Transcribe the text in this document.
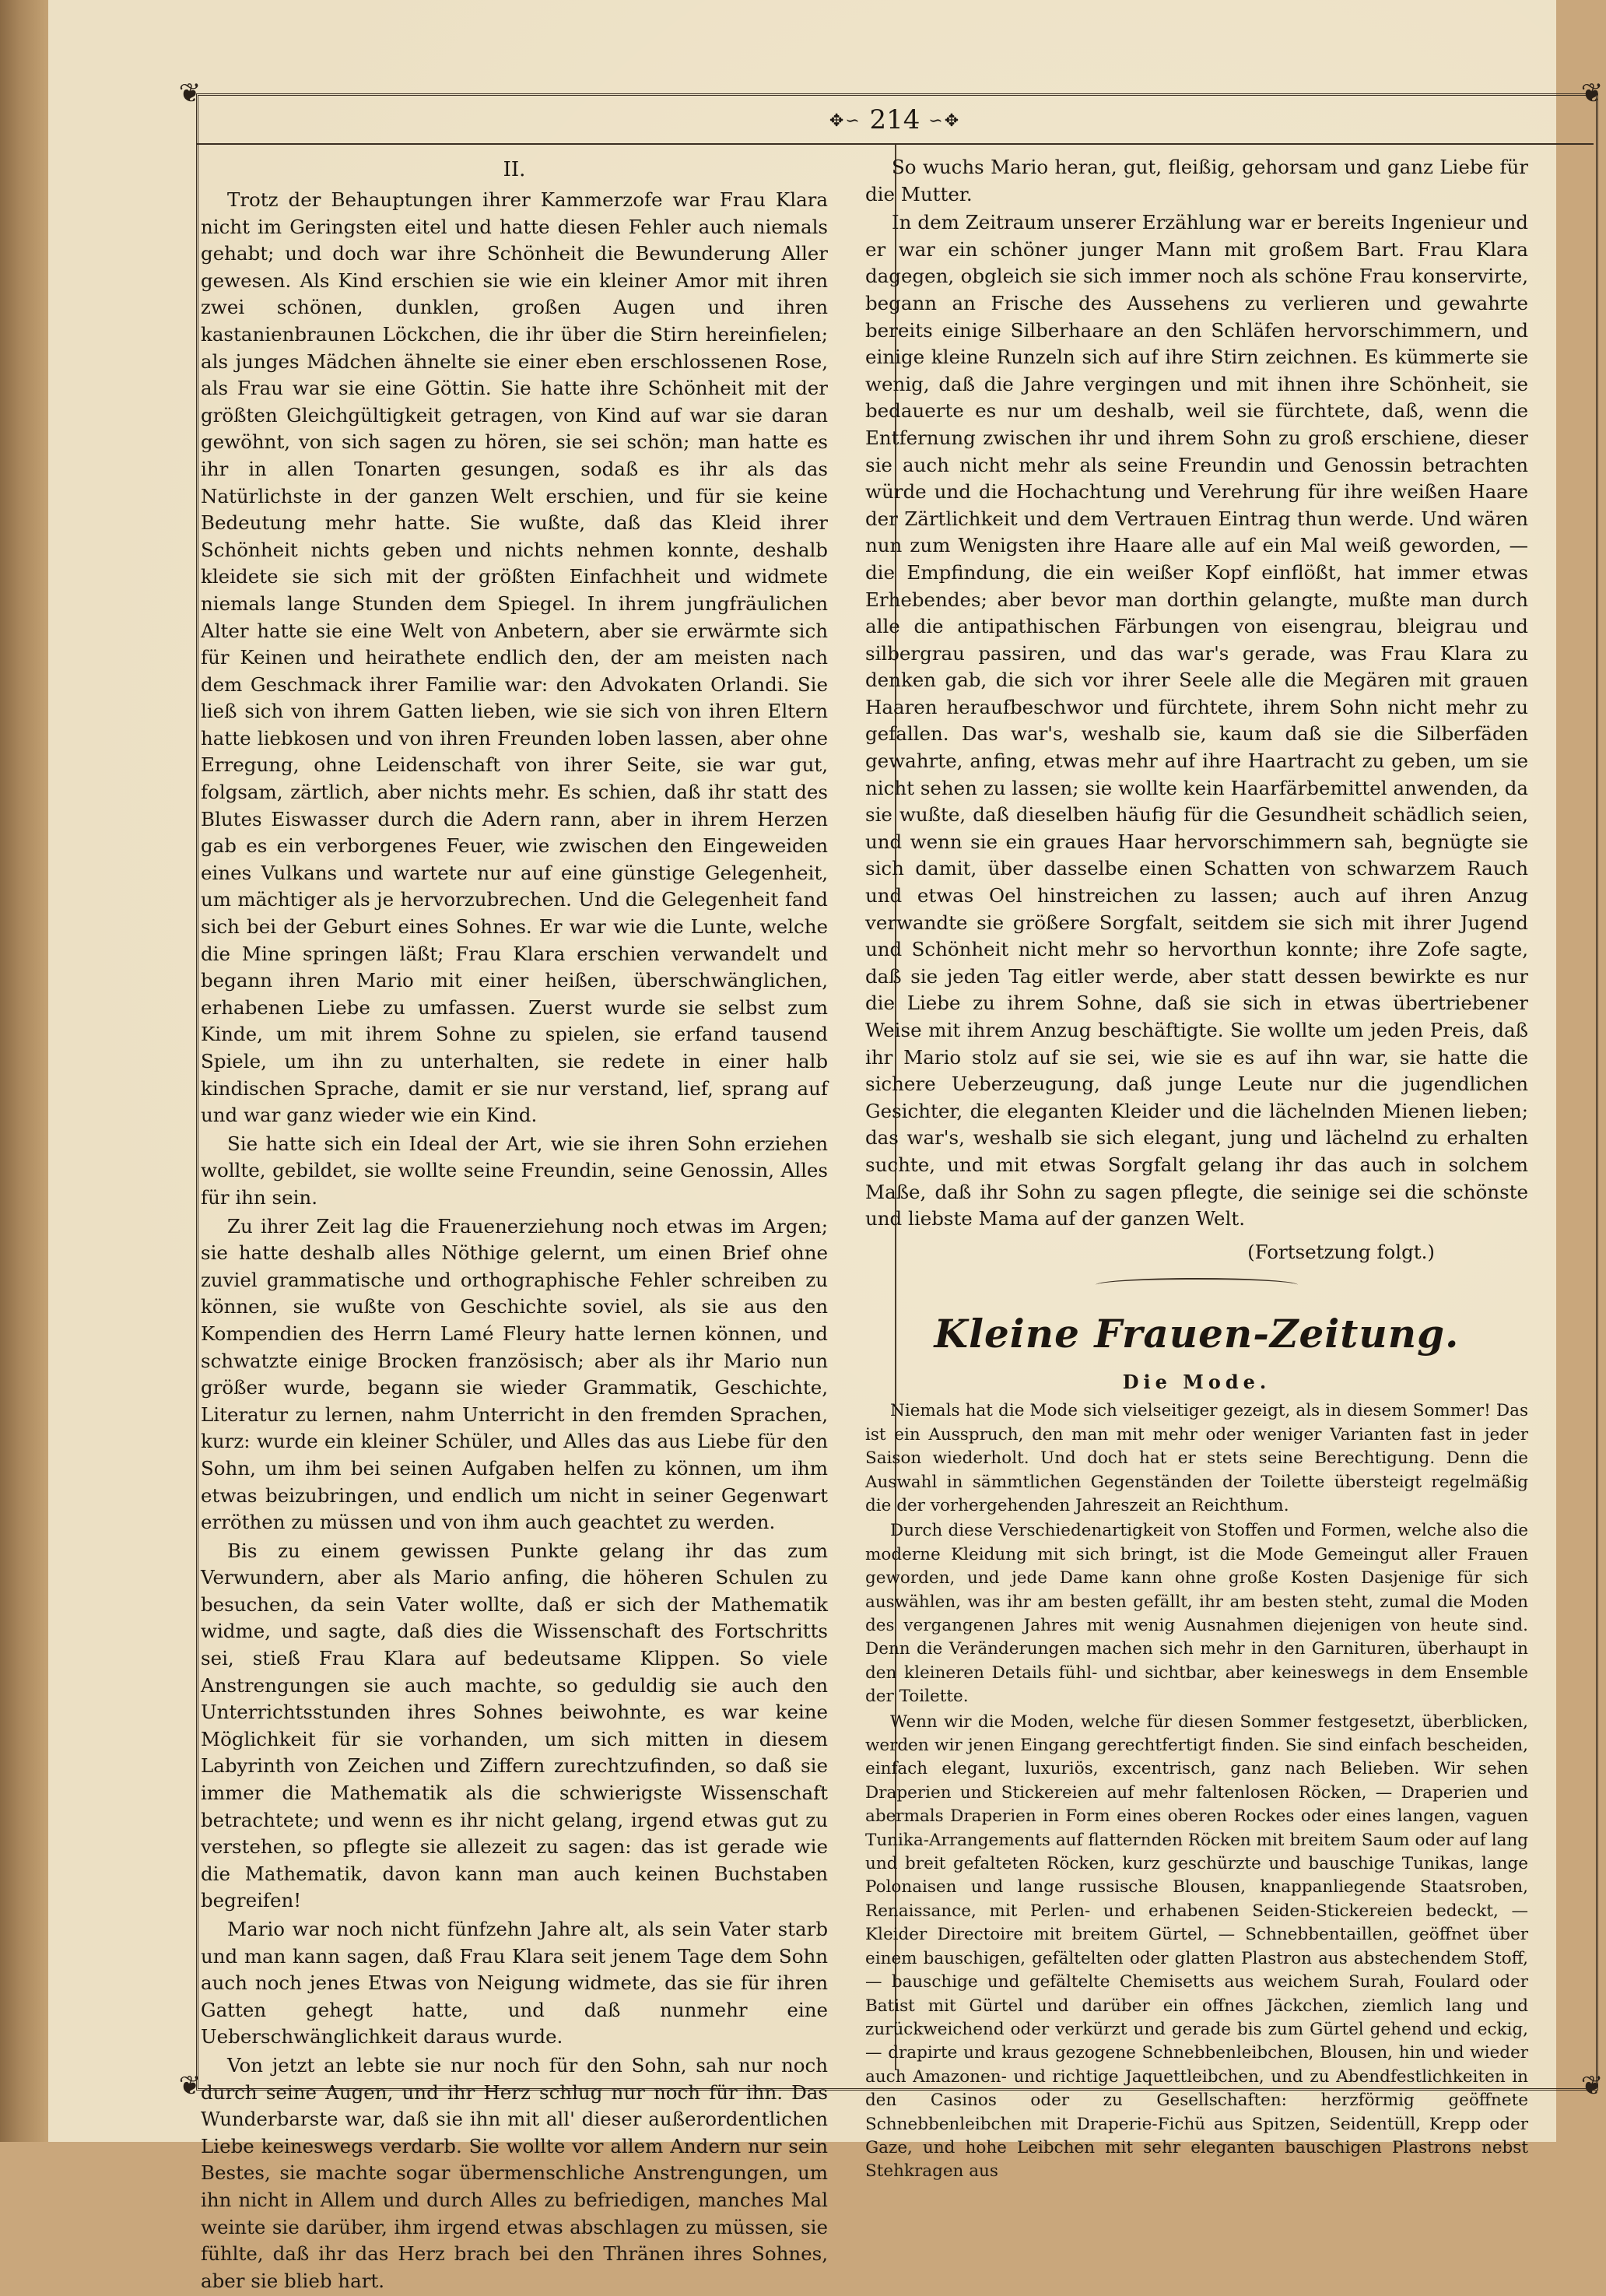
❦	❦
❦	❦
✥∽ 214 ∽✥

II.

Trotz der Behauptungen ihrer Kammerzofe war Frau Klara nicht im Geringsten eitel und hatte diesen Fehler auch niemals gehabt; und doch war ihre Schönheit die Bewunderung Aller gewesen. Als Kind erschien sie wie ein kleiner Amor mit ihren zwei schönen, dunklen, großen Augen und ihren kastanienbraunen Löckchen, die ihr über die Stirn hereinfielen; als junges Mädchen ähnelte sie einer eben erschlossenen Rose, als Frau war sie eine Göttin. Sie hatte ihre Schönheit mit der größten Gleichgültigkeit getragen, von Kind auf war sie daran gewöhnt, von sich sagen zu hören, sie sei schön; man hatte es ihr in allen Tonarten gesungen, sodaß es ihr als das Natürlichste in der ganzen Welt erschien, und für sie keine Bedeutung mehr hatte. Sie wußte, daß das Kleid ihrer Schönheit nichts geben und nichts nehmen konnte, deshalb kleidete sie sich mit der größten Einfachheit und widmete niemals lange Stunden dem Spiegel. In ihrem jungfräulichen Alter hatte sie eine Welt von Anbetern, aber sie erwärmte sich für Keinen und heirathete endlich den, der am meisten nach dem Geschmack ihrer Familie war: den Advokaten Orlandi. Sie ließ sich von ihrem Gatten lieben, wie sie sich von ihren Eltern hatte liebkosen und von ihren Freunden loben lassen, aber ohne Erregung, ohne Leidenschaft von ihrer Seite, sie war gut, folgsam, zärtlich, aber nichts mehr. Es schien, daß ihr statt des Blutes Eiswasser durch die Adern rann, aber in ihrem Herzen gab es ein verborgenes Feuer, wie zwischen den Eingeweiden eines Vulkans und wartete nur auf eine günstige Gelegenheit, um mächtiger als je hervorzubrechen. Und die Gelegenheit fand sich bei der Geburt eines Sohnes. Er war wie die Lunte, welche die Mine springen läßt; Frau Klara erschien verwandelt und begann ihren Mario mit einer heißen, überschwänglichen, erhabenen Liebe zu umfassen. Zuerst wurde sie selbst zum Kinde, um mit ihrem Sohne zu spielen, sie erfand tausend Spiele, um ihn zu unterhalten, sie redete in einer halb kindischen Sprache, damit er sie nur verstand, lief, sprang auf und war ganz wieder wie ein Kind.

Sie hatte sich ein Ideal der Art, wie sie ihren Sohn erziehen wollte, gebildet, sie wollte seine Freundin, seine Genossin, Alles für ihn sein.

Zu ihrer Zeit lag die Frauenerziehung noch etwas im Argen; sie hatte deshalb alles Nöthige gelernt, um einen Brief ohne zuviel grammatische und orthographische Fehler schreiben zu können, sie wußte von Geschichte soviel, als sie aus den Kompendien des Herrn Lamé Fleury hatte lernen können, und schwatzte einige Brocken französisch; aber als ihr Mario nun größer wurde, begann sie wieder Grammatik, Geschichte, Literatur zu lernen, nahm Unterricht in den fremden Sprachen, kurz: wurde ein kleiner Schüler, und Alles das aus Liebe für den Sohn, um ihm bei seinen Aufgaben helfen zu können, um ihm etwas beizubringen, und endlich um nicht in seiner Gegenwart erröthen zu müssen und von ihm auch geachtet zu werden.

Bis zu einem gewissen Punkte gelang ihr das zum Verwundern, aber als Mario anfing, die höheren Schulen zu besuchen, da sein Vater wollte, daß er sich der Mathematik widme, und sagte, daß dies die Wissenschaft des Fortschritts sei, stieß Frau Klara auf bedeutsame Klippen. So viele Anstrengungen sie auch machte, so geduldig sie auch den Unterrichtsstunden ihres Sohnes beiwohnte, es war keine Möglichkeit für sie vorhanden, um sich mitten in diesem Labyrinth von Zeichen und Ziffern zurechtzufinden, so daß sie immer die Mathematik als die schwierigste Wissenschaft betrachtete; und wenn es ihr nicht gelang, irgend etwas gut zu verstehen, so pflegte sie allezeit zu sagen: das ist gerade wie die Mathematik, davon kann man auch keinen Buchstaben begreifen!

Mario war noch nicht fünfzehn Jahre alt, als sein Vater starb und man kann sagen, daß Frau Klara seit jenem Tage dem Sohn auch noch jenes Etwas von Neigung widmete, das sie für ihren Gatten gehegt hatte, und daß nunmehr eine Ueberschwänglichkeit daraus wurde.

Von jetzt an lebte sie nur noch für den Sohn, sah nur noch durch seine Augen, und ihr Herz schlug nur noch für ihn. Das Wunderbarste war, daß sie ihn mit all' dieser außerordentlichen Liebe keineswegs verdarb. Sie wollte vor allem Andern nur sein Bestes, sie machte sogar übermenschliche Anstrengungen, um ihn nicht in Allem und durch Alles zu befriedigen, manches Mal weinte sie darüber, ihm irgend etwas abschlagen zu müssen, sie fühlte, daß ihr das Herz brach bei den Thränen ihres Sohnes, aber sie blieb hart.

So wuchs Mario heran, gut, fleißig, gehorsam und ganz Liebe für die Mutter.

In dem Zeitraum unserer Erzählung war er bereits Ingenieur und er war ein schöner junger Mann mit großem Bart. Frau Klara dagegen, obgleich sie sich immer noch als schöne Frau konservirte, begann an Frische des Aussehens zu verlieren und gewahrte bereits einige Silberhaare an den Schläfen hervorschimmern, und einige kleine Runzeln sich auf ihre Stirn zeichnen. Es kümmerte sie wenig, daß die Jahre vergingen und mit ihnen ihre Schönheit, sie bedauerte es nur um deshalb, weil sie fürchtete, daß, wenn die Entfernung zwischen ihr und ihrem Sohn zu groß erschiene, dieser sie auch nicht mehr als seine Freundin und Genossin betrachten würde und die Hochachtung und Verehrung für ihre weißen Haare der Zärtlichkeit und dem Vertrauen Eintrag thun werde. Und wären nun zum Wenigsten ihre Haare alle auf ein Mal weiß geworden, — die Empfindung, die ein weißer Kopf einflößt, hat immer etwas Erhebendes; aber bevor man dorthin gelangte, mußte man durch alle die antipathischen Färbungen von eisengrau, bleigrau und silbergrau passiren, und das war's gerade, was Frau Klara zu denken gab, die sich vor ihrer Seele alle die Megären mit grauen Haaren heraufbeschwor und fürchtete, ihrem Sohn nicht mehr zu gefallen. Das war's, weshalb sie, kaum daß sie die Silberfäden gewahrte, anfing, etwas mehr auf ihre Haartracht zu geben, um sie nicht sehen zu lassen; sie wollte kein Haarfärbemittel anwenden, da sie wußte, daß dieselben häufig für die Gesundheit schädlich seien, und wenn sie ein graues Haar hervorschimmern sah, begnügte sie sich damit, über dasselbe einen Schatten von schwarzem Rauch und etwas Oel hinstreichen zu lassen; auch auf ihren Anzug verwandte sie größere Sorgfalt, seitdem sie sich mit ihrer Jugend und Schönheit nicht mehr so hervorthun konnte; ihre Zofe sagte, daß sie jeden Tag eitler werde, aber statt dessen bewirkte es nur die Liebe zu ihrem Sohne, daß sie sich in etwas übertriebener Weise mit ihrem Anzug beschäftigte. Sie wollte um jeden Preis, daß ihr Mario stolz auf sie sei, wie sie es auf ihn war, sie hatte die sichere Ueberzeugung, daß junge Leute nur die jugendlichen Gesichter, die eleganten Kleider und die lächelnden Mienen lieben; das war's, weshalb sie sich elegant, jung und lächelnd zu erhalten suchte, und mit etwas Sorgfalt gelang ihr das auch in solchem Maße, daß ihr Sohn zu sagen pflegte, die seinige sei die schönste und liebste Mama auf der ganzen Welt.

(Fortsetzung folgt.)

Kleine Frauen-Zeitung.

Die Mode.

Niemals hat die Mode sich vielseitiger gezeigt, als in diesem Sommer! Das ist ein Ausspruch, den man mit mehr oder weniger Varianten fast in jeder Saison wiederholt. Und doch hat er stets seine Berechtigung. Denn die Auswahl in sämmtlichen Gegenständen der Toilette übersteigt regelmäßig die der vorhergehenden Jahreszeit an Reichthum.

Durch diese Verschiedenartigkeit von Stoffen und Formen, welche also die moderne Kleidung mit sich bringt, ist die Mode Gemeingut aller Frauen geworden, und jede Dame kann ohne große Kosten Dasjenige für sich auswählen, was ihr am besten gefällt, ihr am besten steht, zumal die Moden des vergangenen Jahres mit wenig Ausnahmen diejenigen von heute sind. Denn die Veränderungen machen sich mehr in den Garnituren, überhaupt in den kleineren Details fühl- und sichtbar, aber keineswegs in dem Ensemble der Toilette.

Wenn wir die Moden, welche für diesen Sommer festgesetzt, überblicken, werden wir jenen Eingang gerechtfertigt finden. Sie sind einfach bescheiden, einfach elegant, luxuriös, excentrisch, ganz nach Belieben. Wir sehen Draperien und Stickereien auf mehr faltenlosen Röcken, — Draperien und abermals Draperien in Form eines oberen Rockes oder eines langen, vaguen Tunika-Arrangements auf flatternden Röcken mit breitem Saum oder auf lang und breit gefalteten Röcken, kurz geschürzte und bauschige Tunikas, lange Polonaisen und lange russische Blousen, knappanliegende Staatsroben, Renaissance, mit Perlen- und erhabenen Seiden-Stickereien bedeckt, — Kleider Directoire mit breitem Gürtel, — Schnebbentaillen, geöffnet über einem bauschigen, gefältelten oder glatten Plastron aus abstechendem Stoff, — bauschige und gefältelte Chemisetts aus weichem Surah, Foulard oder Batist mit Gürtel und darüber ein offnes Jäckchen, ziemlich lang und zurückweichend oder verkürzt und gerade bis zum Gürtel gehend und eckig, — drapirte und kraus gezogene Schnebbenleibchen, Blousen, hin und wieder auch Amazonen- und richtige Jaquettleibchen, und zu Abendfestlichkeiten in den Casinos oder zu Gesellschaften: herzförmig geöffnete Schnebbenleibchen mit Draperie-Fichü aus Spitzen, Seidentüll, Krepp oder Gaze, und hohe Leibchen mit sehr eleganten bauschigen Plastrons nebst Stehkragen aus
